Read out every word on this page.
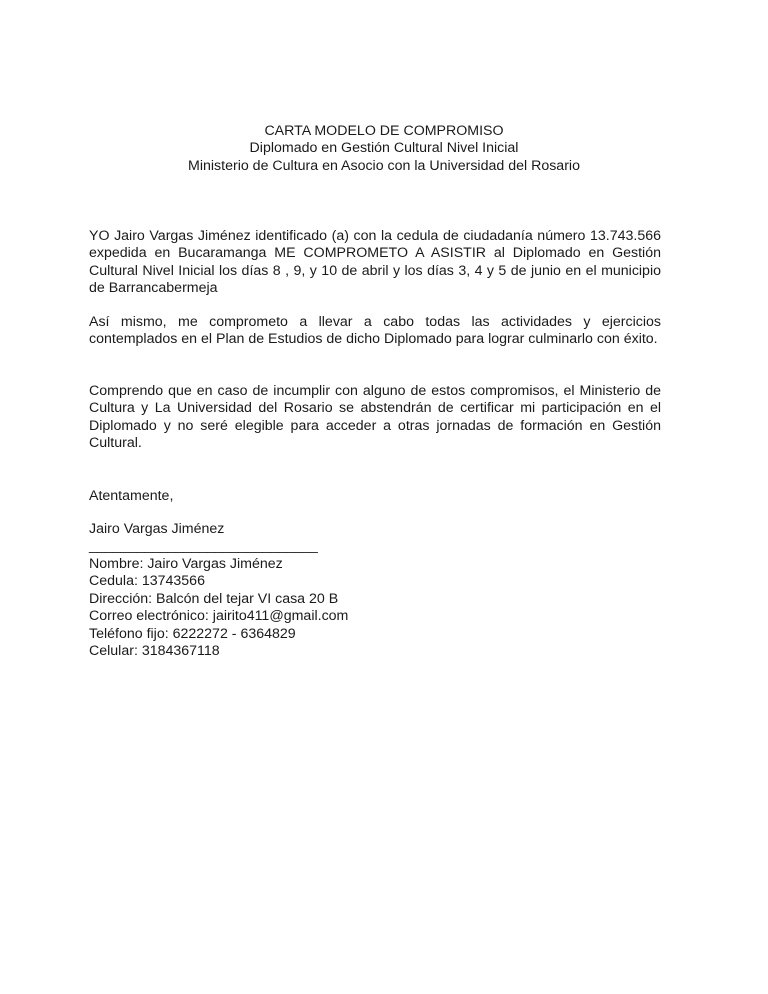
CARTA MODELO DE COMPROMISO
Diplomado en Gestión Cultural Nivel Inicial
Ministerio de Cultura en Asocio con la Universidad del Rosario
YO Jairo Vargas Jiménez identificado (a) con la cedula de ciudadanía número 13.743.566 expedida en Bucaramanga ME COMPROMETO A ASISTIR al Diplomado en Gestión Cultural Nivel Inicial los días 8 , 9, y 10 de abril y los días 3, 4 y 5 de junio en el municipio de Barrancabermeja
Así mismo, me comprometo a llevar a cabo todas las actividades y ejercicios contemplados en el Plan de Estudios de dicho Diplomado para lograr culminarlo con éxito.
Comprendo que en caso de incumplir con alguno de estos compromisos, el Ministerio de Cultura y La Universidad del Rosario se abstendrán de certificar mi participación en el Diplomado y no seré elegible para acceder a otras jornadas de formación en Gestión Cultural.
Atentamente,
Jairo Vargas Jiménez
_____________________________
Nombre: Jairo Vargas Jiménez
Cedula: 13743566
Dirección: Balcón del tejar VI casa 20 B
Correo electrónico: jairito411@gmail.com
Teléfono fijo: 6222272 - 6364829
Celular: 3184367118
